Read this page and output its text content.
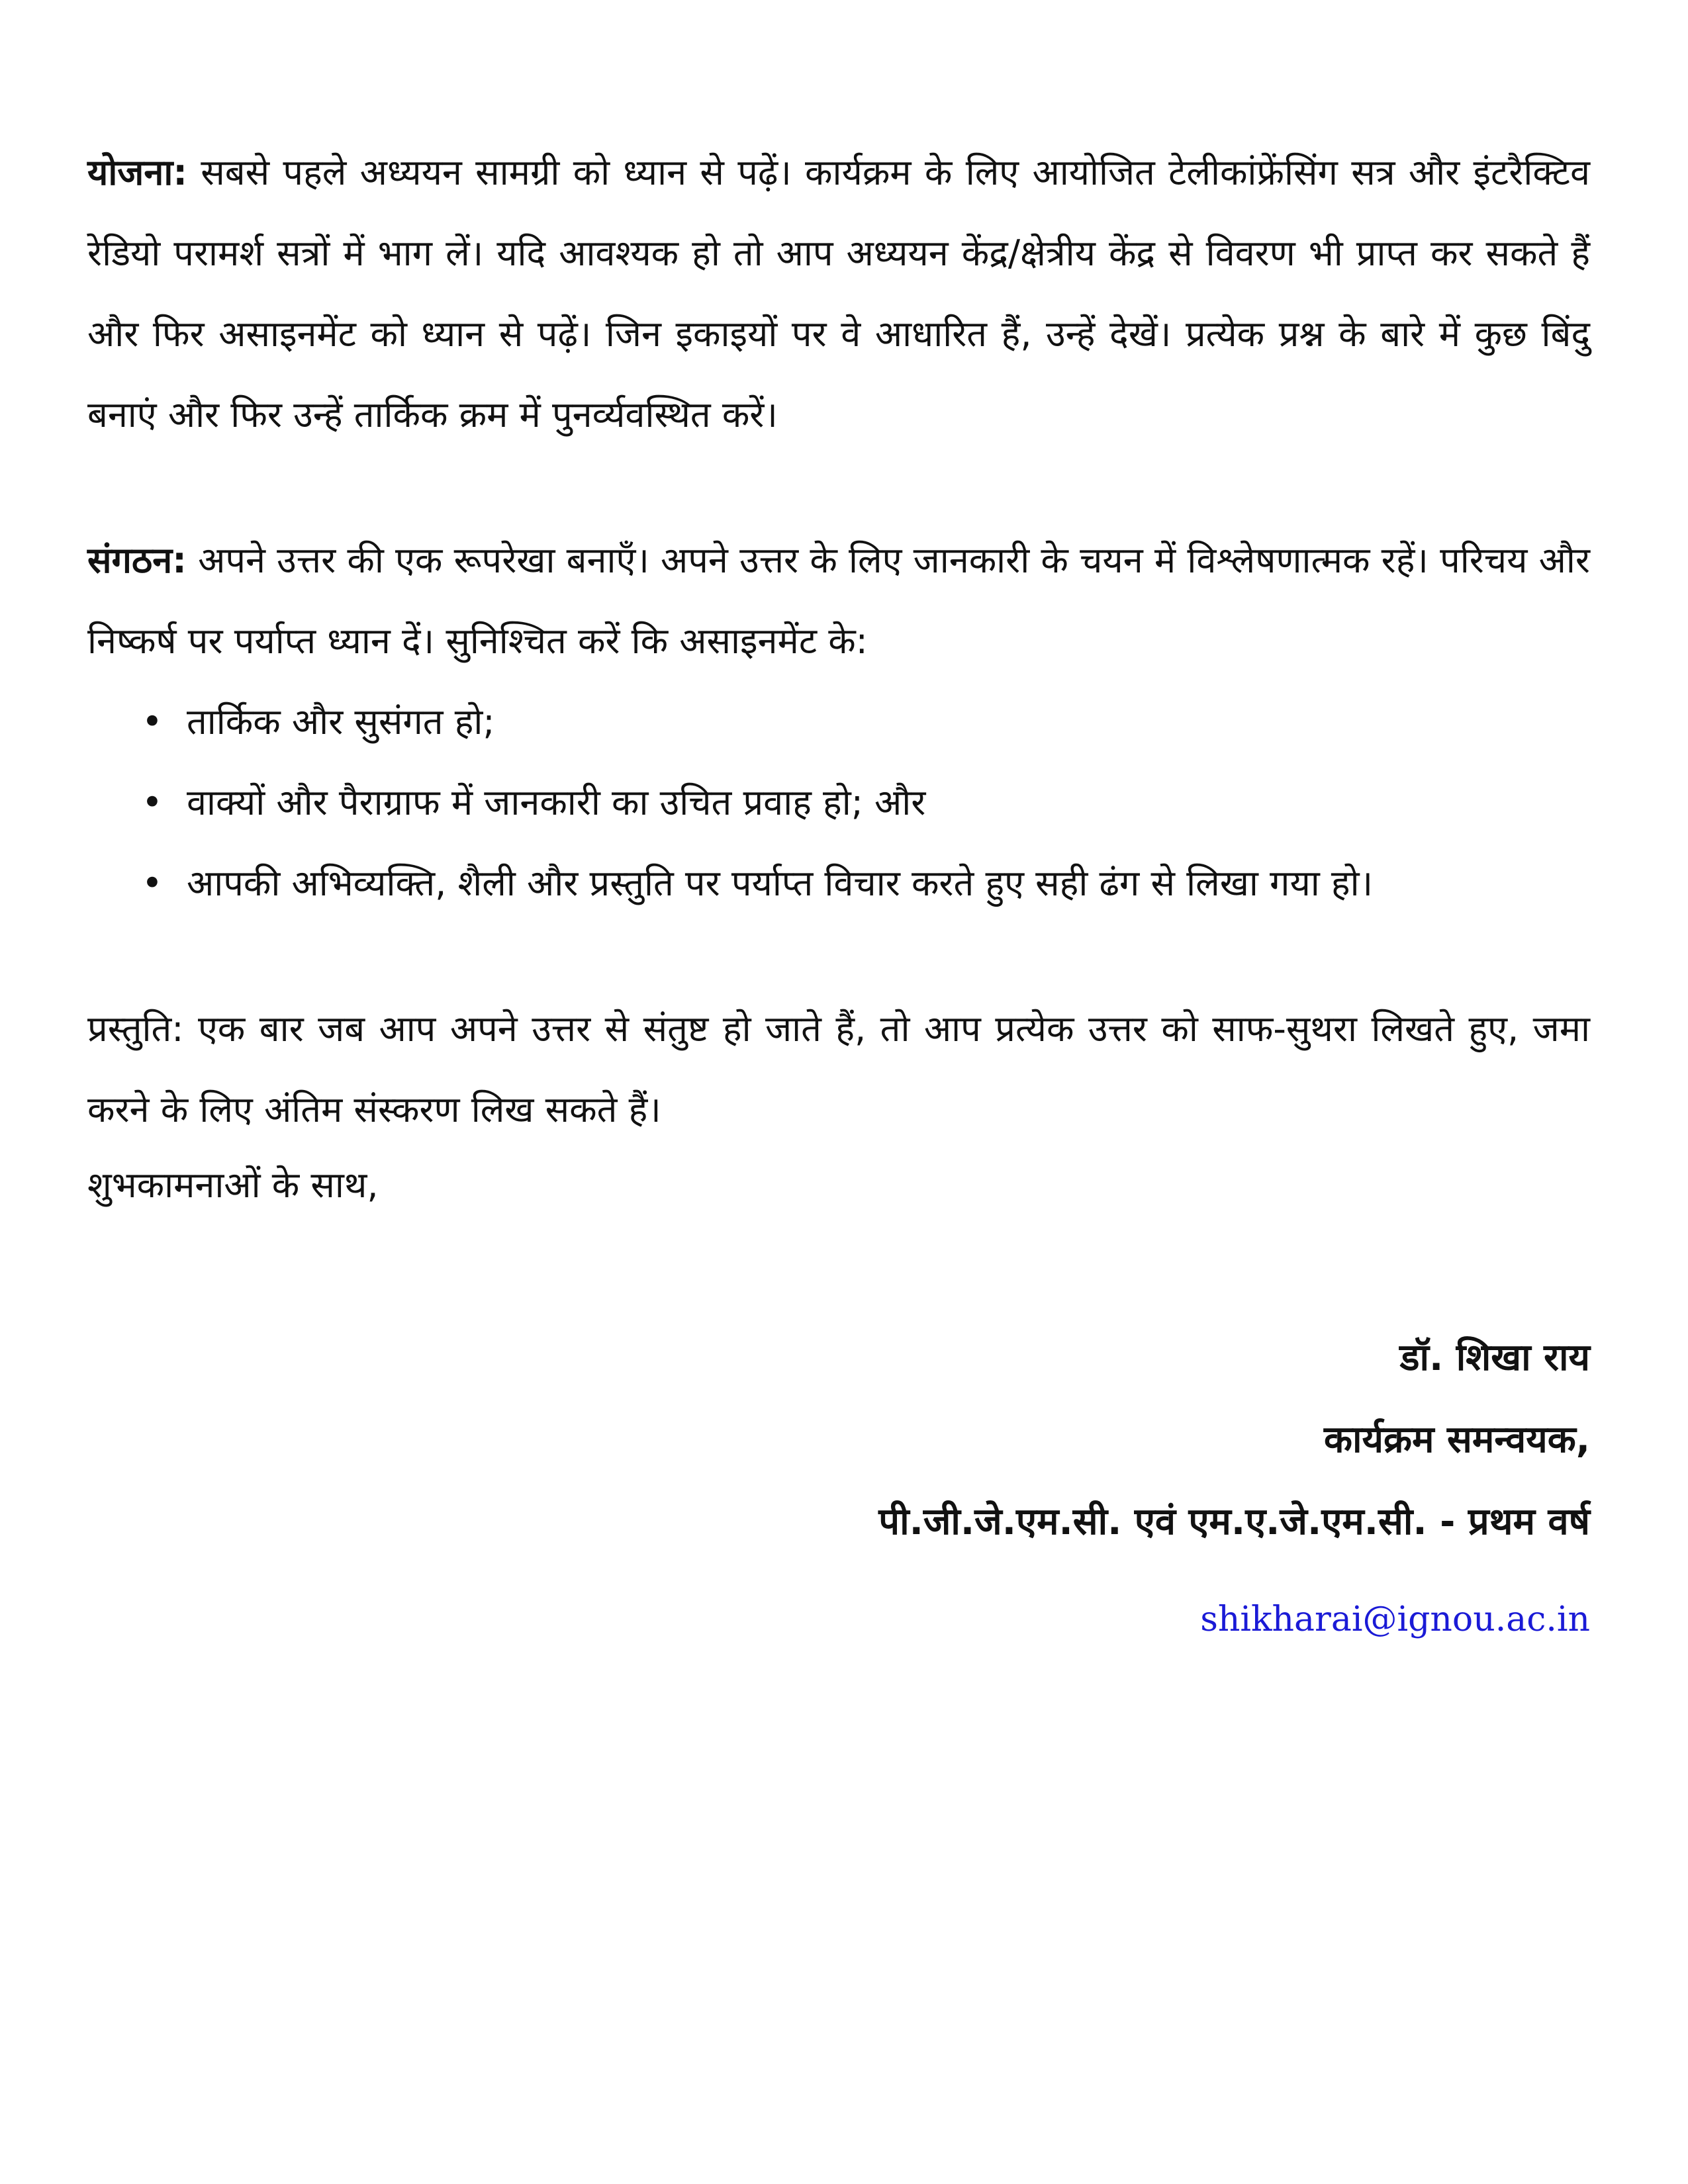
योजना: सबसे पहले अध्ययन सामग्री को ध्यान से पढ़ें। कार्यक्रम के लिए आयोजित टेलीकांफ्रेंसिंग सत्र और इंटरैक्टिव रेडियो परामर्श सत्रों में भाग लें। यदि आवश्यक हो तो आप अध्ययन केंद्र/क्षेत्रीय केंद्र से विवरण भी प्राप्त कर सकते हैं और फिर असाइनमेंट को ध्यान से पढ़ें। जिन इकाइयों पर वे आधारित हैं, उन्हें देखें। प्रत्येक प्रश्न के बारे में कुछ बिंदु बनाएं और फिर उन्हें तार्किक क्रम में पुनर्व्यवस्थित करें।

संगठन: अपने उत्तर की एक रूपरेखा बनाएँ। अपने उत्तर के लिए जानकारी के चयन में विश्लेषणात्मक रहें। परिचय और निष्कर्ष पर पर्याप्त ध्यान दें। सुनिश्चित करें कि असाइनमेंट के:

• तार्किक और सुसंगत हो;
• वाक्यों और पैराग्राफ में जानकारी का उचित प्रवाह हो; और
• आपकी अभिव्यक्ति, शैली और प्रस्तुति पर पर्याप्त विचार करते हुए सही ढंग से लिखा गया हो।

प्रस्तुति: एक बार जब आप अपने उत्तर से संतुष्ट हो जाते हैं, तो आप प्रत्येक उत्तर को साफ-सुथरा लिखते हुए, जमा करने के लिए अंतिम संस्करण लिख सकते हैं।

शुभकामनाओं के साथ,

डॉ. शिखा राय
कार्यक्रम समन्वयक,
पी.जी.जे.एम.सी. एवं एम.ए.जे.एम.सी. - प्रथम वर्ष
shikharai@ignou.ac.in
